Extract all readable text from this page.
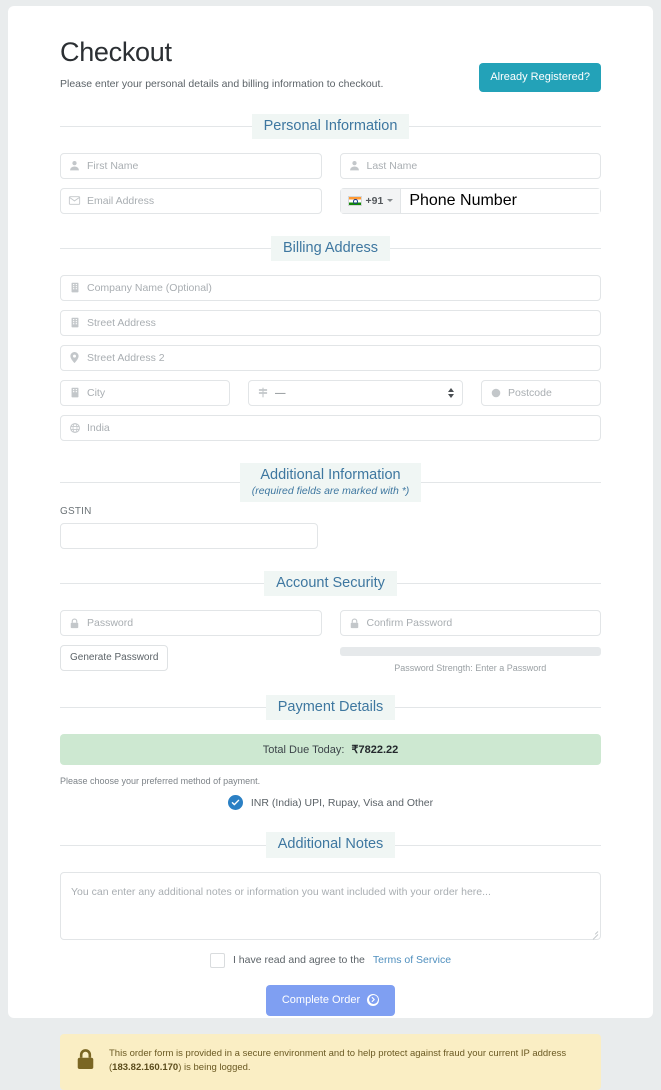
Checkout
Please enter your personal details and billing information to checkout.
Already Registered?
Personal Information
First Name	Last Name
Email Address	+91 Phone Number
Billing Address
Company Name (Optional)
Street Address
Street Address 2
City	—	Postcode
India
Additional Information
(required fields are marked with *)
GSTIN
Account Security
Password	Confirm Password
Generate Password
Password Strength: Enter a Password
Payment Details
Total Due Today: ₹7822.22
Please choose your preferred method of payment.
INR (India) UPI, Rupay, Visa and Other
Additional Notes
You can enter any additional notes or information you want included with your order here...
I have read and agree to the Terms of Service
Complete Order
This order form is provided in a secure environment and to help protect against fraud your current IP address (183.82.160.170) is being logged.
